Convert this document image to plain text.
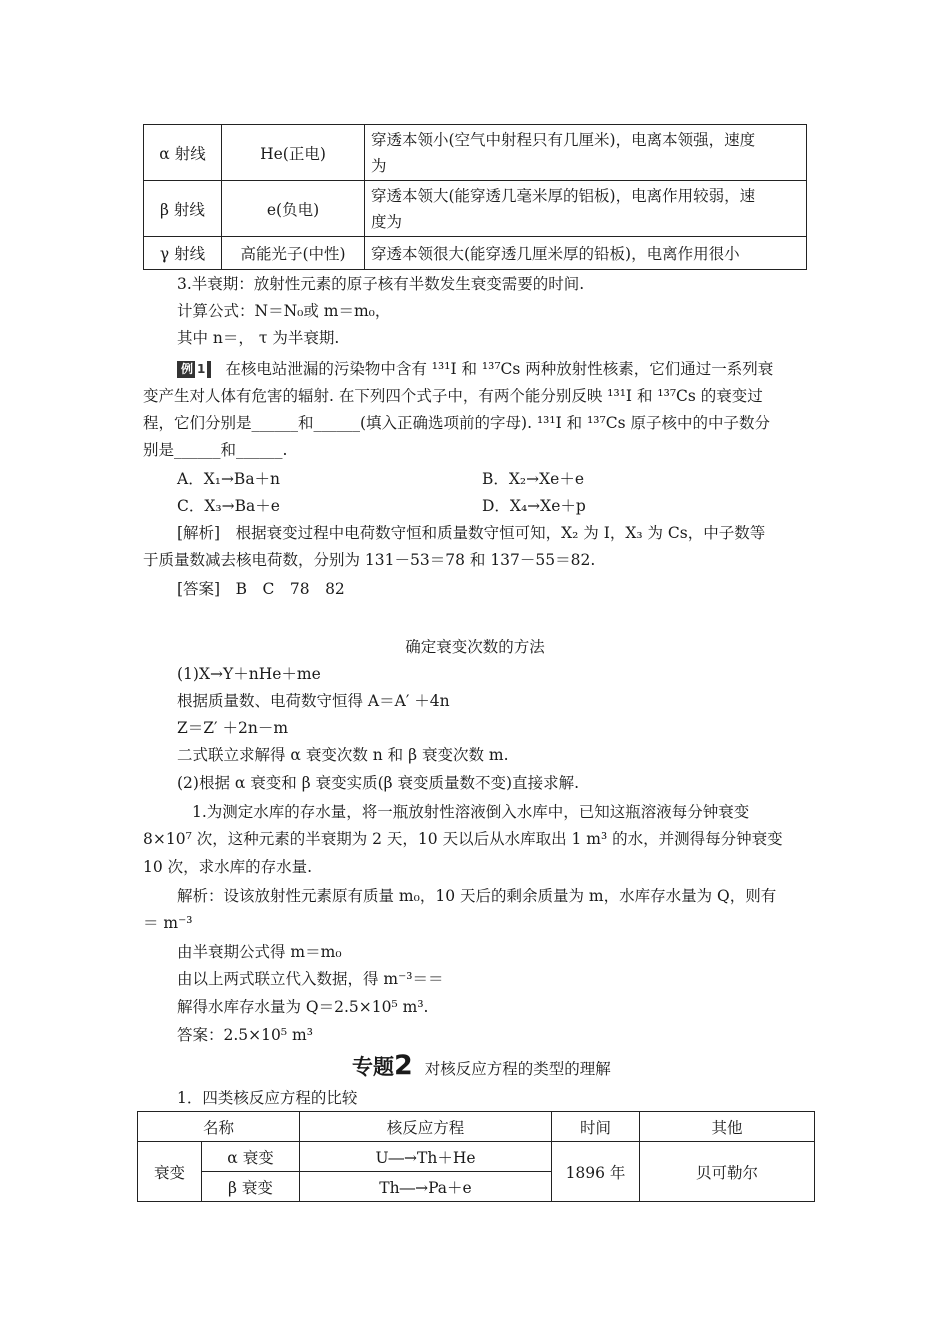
α 射线	He(正电)	穿透本领小(空气中射程只有几厘米)，电离本领强，速度
为

β 射线	e(负电)	穿透本领大(能穿透几毫米厚的铝板)，电离作用较弱，速
度为

γ 射线	高能光子(中性)	穿透本领很大(能穿透几厘米厚的铅板)，电离作用很小
3.半衰期：放射性元素的原子核有半数发生衰变需要的时间.
计算公式：N＝N₀或 m＝m₀，
其中 n＝， τ 为半衰期.
例 1 在核电站泄漏的污染物中含有 ¹³¹I 和 ¹³⁷Cs 两种放射性核素，它们通过一系列衰
变产生对人体有危害的辐射. 在下列四个式子中，有两个能分别反映 ¹³¹I 和 ¹³⁷Cs 的衰变过
程，它们分别是______和______(填入正确选项前的字母). ¹³¹I 和 ¹³⁷Cs 原子核中的中子数分
别是______和______.
A．X₁→Ba＋n	B．X₂→Xe＋e
C．X₃→Ba＋e	D．X₄→Xe＋p
[解析]　根据衰变过程中电荷数守恒和质量数守恒可知，X₂ 为 I，X₃ 为 Cs，中子数等
于质量数减去核电荷数，分别为 131－53＝78 和 137－55＝82.
[答案]　B　C　78　82
确定衰变次数的方法
(1)X→Y＋nHe＋me
根据质量数、电荷数守恒得 A＝A′ ＋4n
Z＝Z′ ＋2n－m
二式联立求解得 α 衰变次数 n 和 β 衰变次数 m.
(2)根据 α 衰变和 β 衰变实质(β 衰变质量数不变)直接求解.
1.为测定水库的存水量，将一瓶放射性溶液倒入水库中，已知这瓶溶液每分钟衰变
8×10⁷ 次，这种元素的半衰期为 2 天，10 天以后从水库取出 1 m³ 的水，并测得每分钟衰变
10 次，求水库的存水量.
解析：设该放射性元素原有质量 m₀，10 天后的剩余质量为 m，水库存水量为 Q，则有
＝ m⁻³
由半衰期公式得 m＝m₀
由以上两式联立代入数据，得 m⁻³＝＝
解得水库存水量为 Q＝2.5×10⁵ m³.
答案：2.5×10⁵ m³
专题2 对核反应方程的类型的理解
1．四类核反应方程的比较
名称		核反应方程	时间	其他
衰变	α 衰变	U―→Th＋He	1896 年	贝可勒尔
	β 衰变	Th―→Pa＋e		
